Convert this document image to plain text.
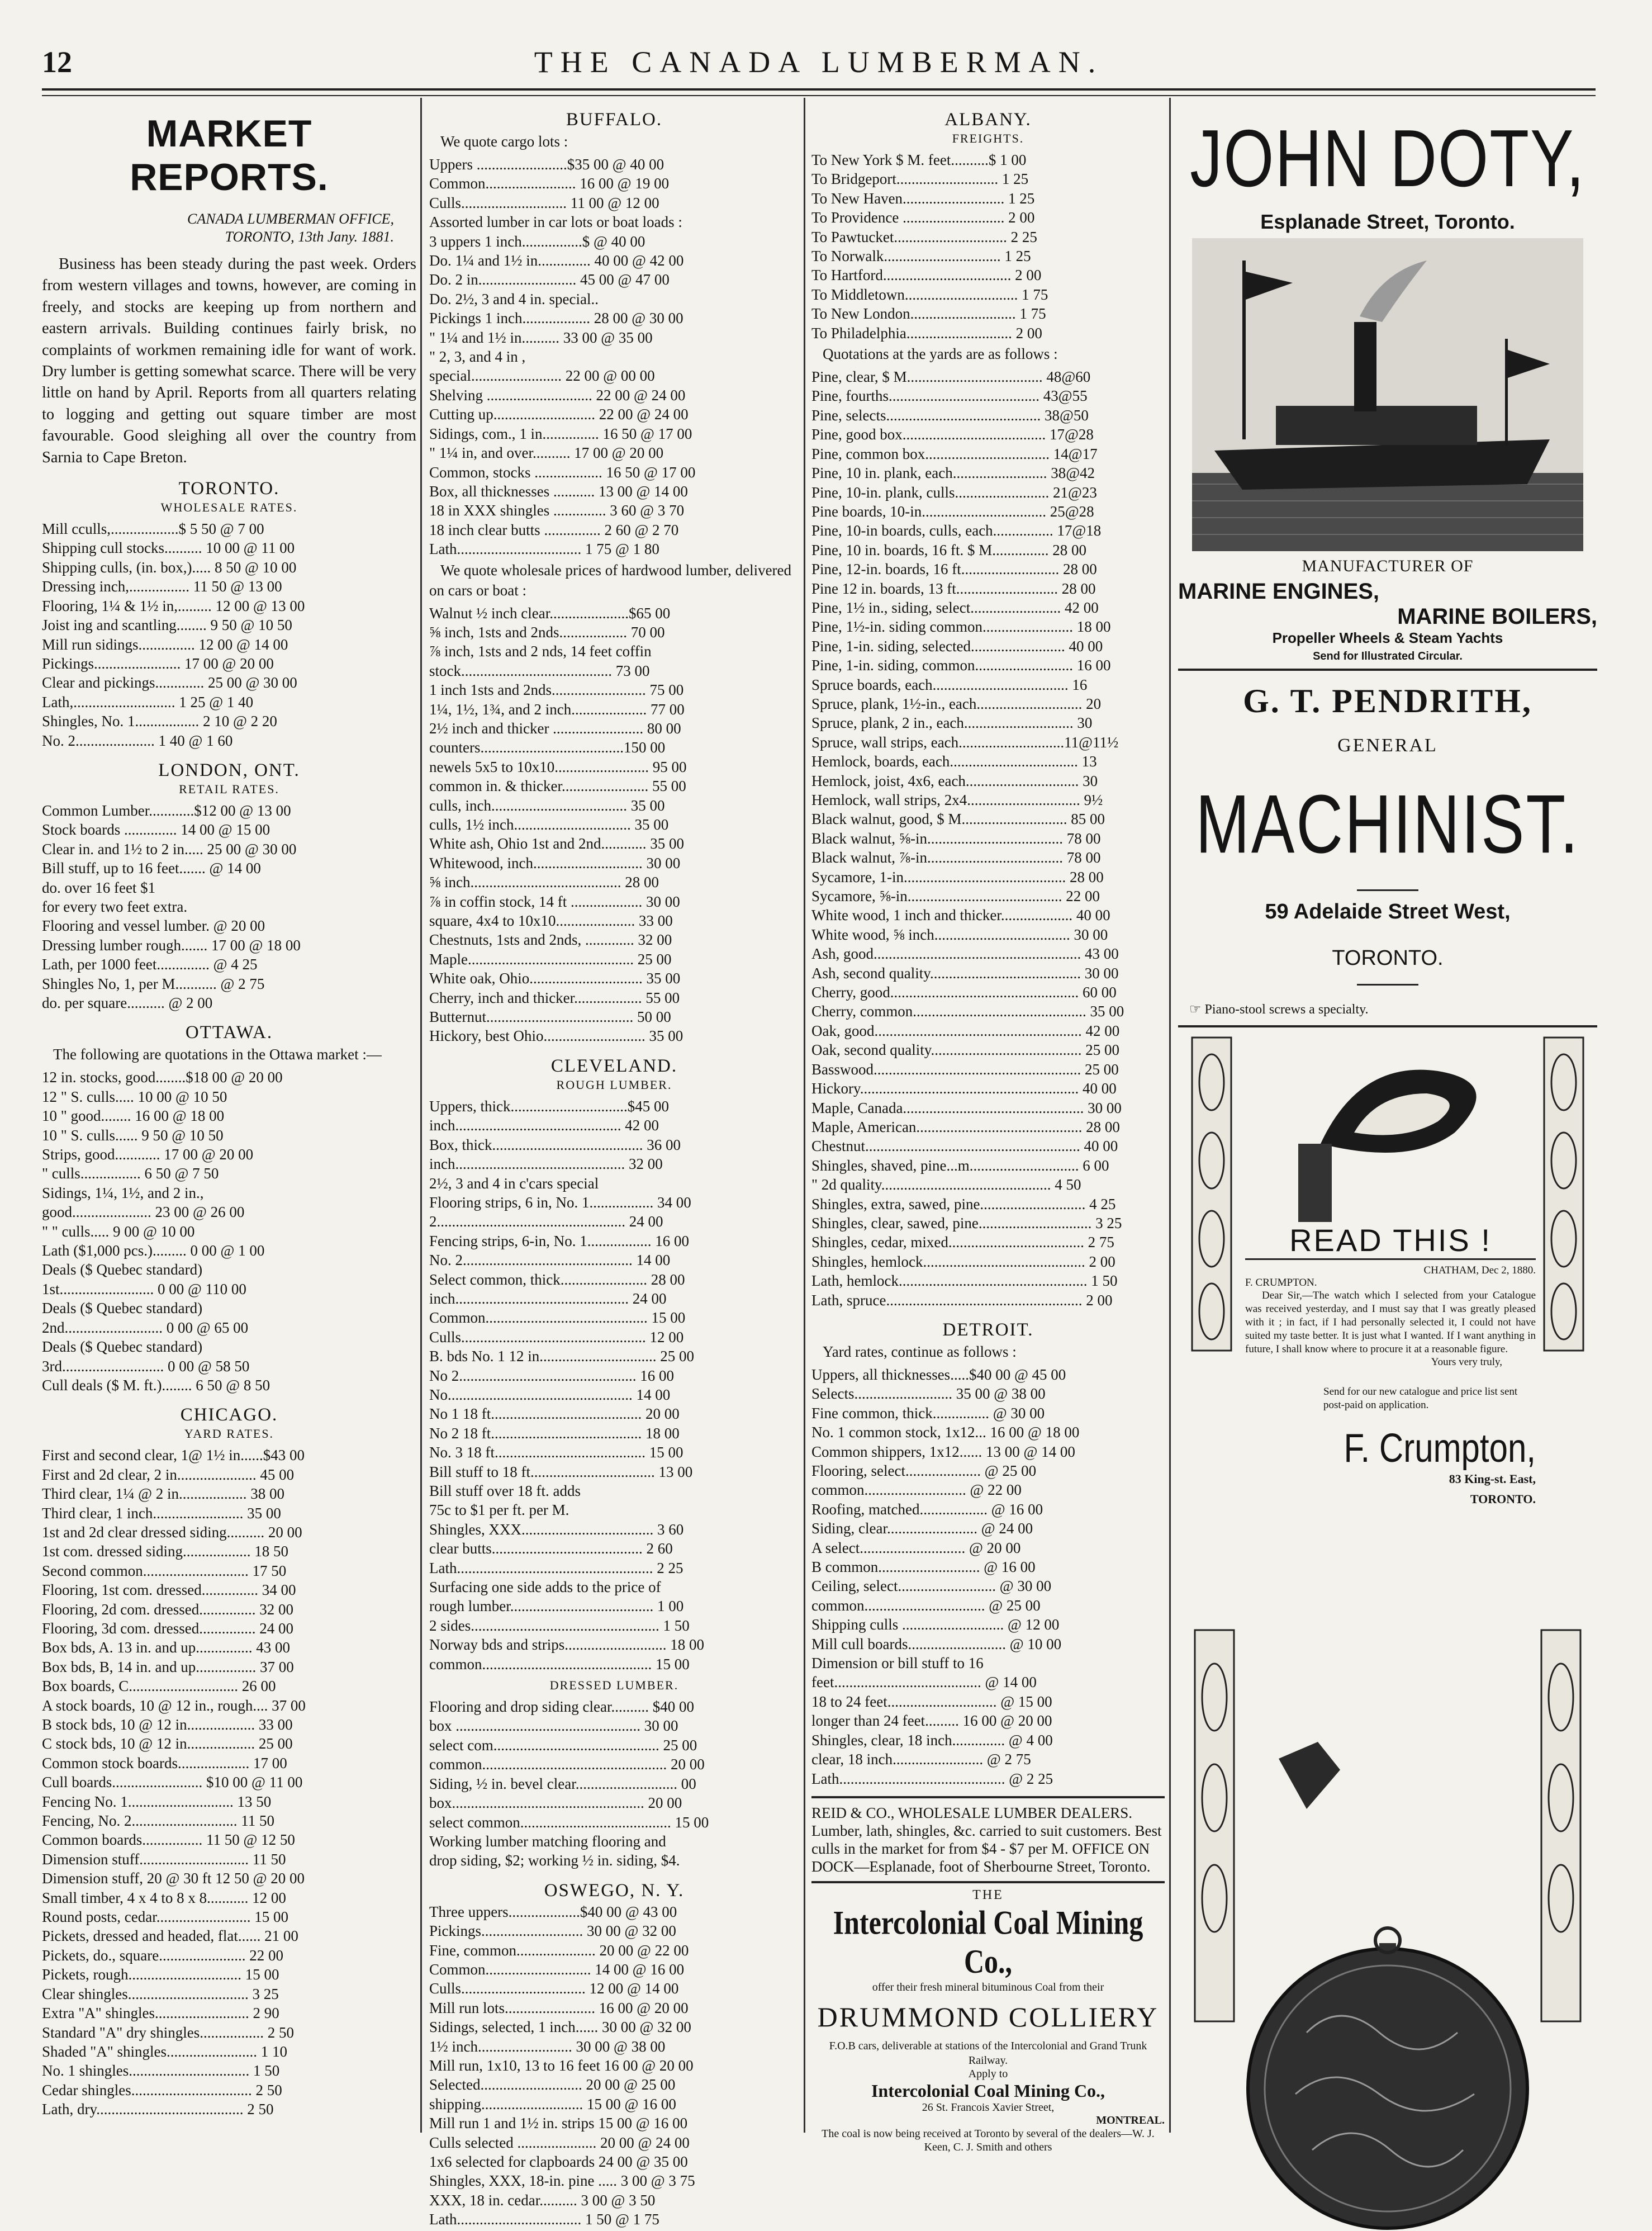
12	THE CANADA LUMBERMAN.
MARKET REPORTS.
CANADA LUMBERMAN OFFICE,
TORONTO, 13th Jany. 1881.

Business has been steady during the past week. Orders from western villages and towns, however, are coming in freely, and stocks are keeping up from northern and eastern arrivals. Building continues fairly brisk, no complaints of workmen remaining idle for want of work. Dry lumber is getting somewhat scarce. There will be very little on hand by April. Reports from all quarters relating to logging and getting out square timber are most favourable. Good sleighing all over the country from Sarnia to Cape Breton.

TORONTO.
WHOLESALE RATES.
Mill cculls,..................$ 5 50 @ 7 00
Shipping cull stocks.......... 10 00 @ 11 00
Shipping culls, (in. box,)..... 8 50 @ 10 00
Dressing inch,................ 11 50 @ 13 00
Flooring, 1¼ & 1½ in,......... 12 00 @ 13 00
Joist ing and scantling........ 9 50 @ 10 50
Mill run sidings............... 12 00 @ 14 00
Pickings....................... 17 00 @ 20 00
Clear and pickings............. 25 00 @ 30 00
Lath,........................... 1 25 @ 1 40
Shingles, No. 1................. 2 10 @ 2 20
No. 2..................... 1 40 @ 1 60
LONDON, ONT.
RETAIL RATES.
Common Lumber............$12 00 @ 13 00
Stock boards .............. 14 00 @ 15 00
Clear in. and 1½ to 2 in..... 25 00 @ 30 00
Bill stuff, up to 16 feet....... @ 14 00
do. over 16 feet $1
for every two feet extra.
Flooring and vessel lumber. @ 20 00
Dressing lumber rough....... 17 00 @ 18 00
Lath, per 1000 feet.............. @ 4 25
Shingles No, 1, per M........... @ 2 75
do. per square.......... @ 2 00
OTTAWA.
The following are quotations in the Ottawa market :—
12 in. stocks, good........$18 00 @ 20 00
12 " S. culls..... 10 00 @ 10 50
10 " good........ 16 00 @ 18 00
10 " S. culls...... 9 50 @ 10 50
Strips, good............ 17 00 @ 20 00
" culls................ 6 50 @ 7 50
Sidings, 1¼, 1½, and 2 in.,
good..................... 23 00 @ 26 00
" " culls..... 9 00 @ 10 00
Lath ($1,000 pcs.)......... 0 00 @ 1 00
Deals ($ Quebec standard)
1st......................... 0 00 @ 110 00
Deals ($ Quebec standard)
2nd.......................... 0 00 @ 65 00
Deals ($ Quebec standard)
3rd........................... 0 00 @ 58 50
Cull deals ($ M. ft.)........ 6 50 @ 8 50
CHICAGO.
YARD RATES.
First and second clear, 1@ 1½ in......$43 00
First and 2d clear, 2 in..................... 45 00
Third clear, 1¼ @ 2 in.................. 38 00
Third clear, 1 inch........................ 35 00
1st and 2d clear dressed siding.......... 20 00
1st com. dressed siding.................. 18 50
Second common............................ 17 50
Flooring, 1st com. dressed............... 34 00
Flooring, 2d com. dressed............... 32 00
Flooring, 3d com. dressed............... 24 00
Box bds, A. 13 in. and up............... 43 00
Box bds, B, 14 in. and up................ 37 00
Box boards, C............................. 26 00
A stock boards, 10 @ 12 in., rough.... 37 00
B stock bds, 10 @ 12 in.................. 33 00
C stock bds, 10 @ 12 in.................. 25 00
Common stock boards................... 17 00
Cull boards........................ $10 00 @ 11 00
Fencing No. 1............................ 13 50
Fencing, No. 2............................ 11 50
Common boards................ 11 50 @ 12 50
Dimension stuff............................. 11 50
Dimension stuff, 20 @ 30 ft 12 50 @ 20 00
Small timber, 4 x 4 to 8 x 8........... 12 00
Round posts, cedar......................... 15 00
Pickets, dressed and headed, flat...... 21 00
Pickets, do., square....................... 22 00
Pickets, rough.............................. 15 00
Clear shingles................................ 3 25
Extra "A" shingles......................... 2 90
Standard "A" dry shingles................. 2 50
Shaded "A" shingles........................ 1 10
No. 1 shingles................................ 1 50
Cedar shingles................................ 2 50
Lath, dry....................................... 2 50
BUFFALO.
We quote cargo lots :
Uppers ........................$35 00 @ 40 00
Common........................ 16 00 @ 19 00
Culls............................ 11 00 @ 12 00
Assorted lumber in car lots or boat loads :
3 uppers 1 inch................$ @ 40 00
Do. 1¼ and 1½ in.............. 40 00 @ 42 00
Do. 2 in.......................... 45 00 @ 47 00
Do. 2½, 3 and 4 in. special..
Pickings 1 inch.................. 28 00 @ 30 00
" 1¼ and 1½ in.......... 33 00 @ 35 00
" 2, 3, and 4 in ,
special........................ 22 00 @ 00 00
Shelving ............................ 22 00 @ 24 00
Cutting up........................... 22 00 @ 24 00
Sidings, com., 1 in............... 16 50 @ 17 00
" 1¼ in, and over.......... 17 00 @ 20 00
Common, stocks .................. 16 50 @ 17 00
Box, all thicknesses ........... 13 00 @ 14 00
18 in XXX shingles .............. 3 60 @ 3 70
18 inch clear butts ............... 2 60 @ 2 70
Lath................................. 1 75 @ 1 80
We quote wholesale prices of hardwood lumber, delivered on cars or boat :
Walnut ½ inch clear.....................$65 00
⅝ inch, 1sts and 2nds.................. 70 00
⅞ inch, 1sts and 2 nds, 14 feet coffin
stock........................................ 73 00
1 inch 1sts and 2nds......................... 75 00
1¼, 1½, 1¾, and 2 inch.................... 77 00
2½ inch and thicker ........................ 80 00
counters......................................150 00
newels 5x5 to 10x10......................... 95 00
common in. & thicker....................... 55 00
culls, inch.................................... 35 00
culls, 1½ inch............................... 35 00
White ash, Ohio 1st and 2nd............ 35 00
Whitewood, inch............................. 30 00
⅝ inch........................................ 28 00
⅞ in coffin stock, 14 ft ................... 30 00
square, 4x4 to 10x10..................... 33 00
Chestnuts, 1sts and 2nds, ............. 32 00
Maple............................................ 25 00
White oak, Ohio.............................. 35 00
Cherry, inch and thicker.................. 55 00
Butternut....................................... 50 00
Hickory, best Ohio........................... 35 00
CLEVELAND.
ROUGH LUMBER.
Uppers, thick...............................$45 00
inch............................................ 42 00
Box, thick........................................ 36 00
inch............................................. 32 00
2½, 3 and 4 in c'cars special
Flooring strips, 6 in, No. 1................. 34 00
2.................................................. 24 00
Fencing strips, 6-in, No. 1................. 16 00
No. 2............................................. 14 00
Select common, thick....................... 28 00
inch.............................................. 24 00
Common........................................... 15 00
Culls................................................. 12 00
B. bds No. 1 12 in............................... 25 00
No 2............................................... 16 00
No................................................. 14 00
No 1 18 ft........................................ 20 00
No 2 18 ft........................................ 18 00
No. 3 18 ft........................................ 15 00
Bill stuff to 18 ft................................. 13 00
Bill stuff over 18 ft. adds
75c to $1 per ft. per M.
Shingles, XXX................................... 3 60
clear butts........................................ 2 60
Lath.................................................... 2 25
Surfacing one side adds to the price of
rough lumber...................................... 1 00
2 sides.................................................. 1 50
Norway bds and strips........................... 18 00
common............................................. 15 00
DRESSED LUMBER.
Flooring and drop siding clear.......... $40 00
box ................................................. 30 00
select com............................................ 25 00
common................................................. 20 00
Siding, ½ in. bevel clear........................... 00
box................................................... 20 00
select common........................................ 15 00
Working lumber matching flooring and
drop siding, $2; working ½ in. siding, $4.
OSWEGO, N. Y.
Three uppers...................$40 00 @ 43 00
Pickings........................... 30 00 @ 32 00
Fine, common..................... 20 00 @ 22 00
Common............................ 14 00 @ 16 00
Culls................................. 12 00 @ 14 00
Mill run lots........................ 16 00 @ 20 00
Sidings, selected, 1 inch...... 30 00 @ 32 00
1½ inch......................... 30 00 @ 38 00
Mill run, 1x10, 13 to 16 feet 16 00 @ 20 00
Selected........................... 20 00 @ 25 00
shipping........................... 15 00 @ 16 00
Mill run 1 and 1½ in. strips 15 00 @ 16 00
Culls selected ..................... 20 00 @ 24 00
1x6 selected for clapboards 24 00 @ 35 00
Shingles, XXX, 18-in. pine ..... 3 00 @ 3 75
XXX, 18 in. cedar.......... 3 00 @ 3 50
Lath................................. 1 50 @ 1 75
ALBANY.
FREIGHTS.
To New York $ M. feet..........$ 1 00
To Bridgeport........................... 1 25
To New Haven........................... 1 25
To Providence ........................... 2 00
To Pawtucket.............................. 2 25
To Norwalk............................... 1 25
To Hartford.................................. 2 00
To Middletown.............................. 1 75
To New London............................ 1 75
To Philadelphia............................ 2 00
Quotations at the yards are as follows :
Pine, clear, $ M.................................... 48@60
Pine, fourths........................................ 43@55
Pine, selects......................................... 38@50
Pine, good box...................................... 17@28
Pine, common box................................. 14@17
Pine, 10 in. plank, each......................... 38@42
Pine, 10-in. plank, culls......................... 21@23
Pine boards, 10-in................................. 25@28
Pine, 10-in boards, culls, each................ 17@18
Pine, 10 in. boards, 16 ft. $ M............... 28 00
Pine, 12-in. boards, 16 ft.......................... 28 00
Pine 12 in. boards, 13 ft........................... 28 00
Pine, 1½ in., siding, select........................ 42 00
Pine, 1½-in. siding common........................ 18 00
Pine, 1-in. siding, selected......................... 40 00
Pine, 1-in. siding, common.......................... 16 00
Spruce boards, each.................................... 16
Spruce, plank, 1½-in., each............................ 20
Spruce, plank, 2 in., each............................. 30
Spruce, wall strips, each............................11@11½
Hemlock, boards, each.................................. 13
Hemlock, joist, 4x6, each.............................. 30
Hemlock, wall strips, 2x4.............................. 9½
Black walnut, good, $ M............................ 85 00
Black walnut, ⅝-in.................................... 78 00
Black walnut, ⅞-in.................................... 78 00
Sycamore, 1-in........................................... 28 00
Sycamore, ⅝-in......................................... 22 00
White wood, 1 inch and thicker................... 40 00
White wood, ⅝ inch.................................... 30 00
Ash, good....................................................... 43 00
Ash, second quality........................................ 30 00
Cherry, good.................................................. 60 00
Cherry, common.............................................. 35 00
Oak, good....................................................... 42 00
Oak, second quality........................................ 25 00
Basswood....................................................... 25 00
Hickory.......................................................... 40 00
Maple, Canada................................................ 30 00
Maple, American............................................ 28 00
Chestnut......................................................... 40 00
Shingles, shaved, pine...m............................. 6 00
" 2d quality............................................. 4 50
Shingles, extra, sawed, pine............................ 4 25
Shingles, clear, sawed, pine.............................. 3 25
Shingles, cedar, mixed.................................... 2 75
Shingles, hemlock........................................... 2 00
Lath, hemlock.................................................. 1 50
Lath, spruce.................................................... 2 00
DETROIT.
Yard rates, continue as follows :
Uppers, all thicknesses.....$40 00 @ 45 00
Selects.......................... 35 00 @ 38 00
Fine common, thick............... @ 30 00
No. 1 common stock, 1x12... 16 00 @ 18 00
Common shippers, 1x12...... 13 00 @ 14 00
Flooring, select.................... @ 25 00
common........................... @ 22 00
Roofing, matched.................. @ 16 00
Siding, clear........................ @ 24 00
A select............................ @ 20 00
B common........................... @ 16 00
Ceiling, select.......................... @ 30 00
common................................ @ 25 00
Shipping culls ........................... @ 12 00
Mill cull boards.......................... @ 10 00
Dimension or bill stuff to 16
feet....................................... @ 14 00
18 to 24 feet............................. @ 15 00
longer than 24 feet......... 16 00 @ 20 00
Shingles, clear, 18 inch.............. @ 4 00
clear, 18 inch........................ @ 2 75
Lath............................................ @ 2 25
REID & CO., WHOLESALE LUMBER DEALERS. Lumber, lath, shingles, &c. carried to suit customers. Best culls in the market for from $4 - $7 per M. OFFICE ON DOCK—Esplanade, foot of Sherbourne Street, Toronto.
THE
Intercolonial Coal Mining Co.,
offer their fresh mineral bituminous Coal from their
DRUMMOND COLLIERY
F.O.B cars, deliverable at stations of the Intercolonial and Grand Trunk Railway.
Apply to
Intercolonial Coal Mining Co.,
26 St. Francois Xavier Street,
MONTREAL.
The coal is now being received at Toronto by several of the dealers—W. J. Keen, C. J. Smith and others
JOHN DOTY,
Esplanade Street, Toronto.
MANUFACTURER OF
MARINE ENGINES,
MARINE BOILERS,
Propeller Wheels & Steam Yachts
Send for Illustrated Circular.
G. T. PENDRITH,
GENERAL
MACHINIST.
59 Adelaide Street West,
TORONTO.
☞ Piano-stool screws a specialty.
READ THIS !
CHATHAM, Dec 2, 1880.
F. CRUMPTON.
Dear Sir,—The watch which I selected from your Catalogue was received yesterday, and I must say that I was greatly pleased with it ; in fact, if I had personally selected it, I could not have suited my taste better. It is just what I wanted. If I want anything in future, I shall know where to procure it at a reasonable figure.
Yours very truly,
Send for our new catalogue and price list sent post-paid on application.
F. Crumpton,
83 King-st. East,
TORONTO.
